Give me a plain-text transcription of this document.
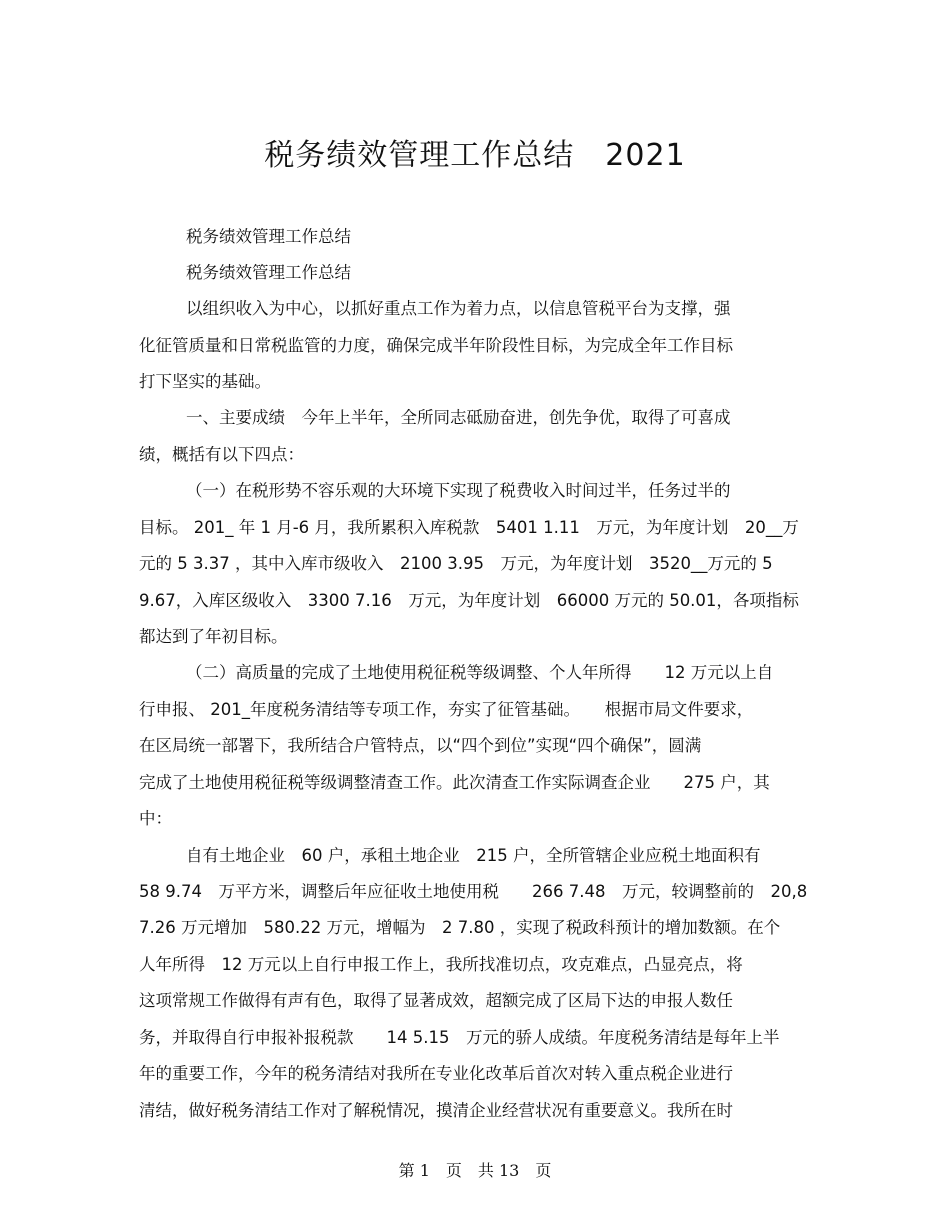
税务绩效管理工作总结　2021
税务绩效管理工作总结
税务绩效管理工作总结
以组织收入为中心，以抓好重点工作为着力点，以信息管税平台为支撑，强
化征管质量和日常税监管的力度，确保完成半年阶段性目标，为完成全年工作目标
打下坚实的基础。
一、主要成绩　今年上半年，全所同志砥励奋进，创先争优，取得了可喜成
绩，概括有以下四点：
（一）在税形势不容乐观的大环境下实现了税费收入时间过半，任务过半的
目标。 201_ 年 1 月-6 月，我所累积入库税款　5401 1.11　万元，为年度计划　20__万
元的 5 3.37 ，其中入库市级收入　2100 3.95　万元，为年度计划　3520__万元的 5
9.67，入库区级收入　3300 7.16　万元，为年度计划　66000 万元的 50.01，各项指标
都达到了年初目标。
（二）高质量的完成了土地使用税征税等级调整、个人年所得　　12 万元以上自
行申报、 201_年度税务清结等专项工作，夯实了征管基础。　　根据市局文件要求，
在区局统一部署下，我所结合户管特点，以“四个到位”实现“四个确保”，圆满
完成了土地使用税征税等级调整清查工作。此次清查工作实际调查企业　　275 户，其
中：
自有土地企业　60 户，承租土地企业　215 户，全所管辖企业应税土地面积有
58 9.74　万平方米，调整后年应征收土地使用税　　266 7.48　万元，较调整前的　20,8
7.26 万元增加　580.22 万元，增幅为　2 7.80 ，实现了税政科预计的增加数额。在个
人年所得　12 万元以上自行申报工作上，我所找准切点，攻克难点，凸显亮点，将
这项常规工作做得有声有色，取得了显著成效，超额完成了区局下达的申报人数任
务，并取得自行申报补报税款　　14 5.15　万元的骄人成绩。年度税务清结是每年上半
年的重要工作，今年的税务清结对我所在专业化改革后首次对转入重点税企业进行
清结，做好税务清结工作对了解税情况，摸清企业经营状况有重要意义。我所在时
第 1　页　共 13　页
